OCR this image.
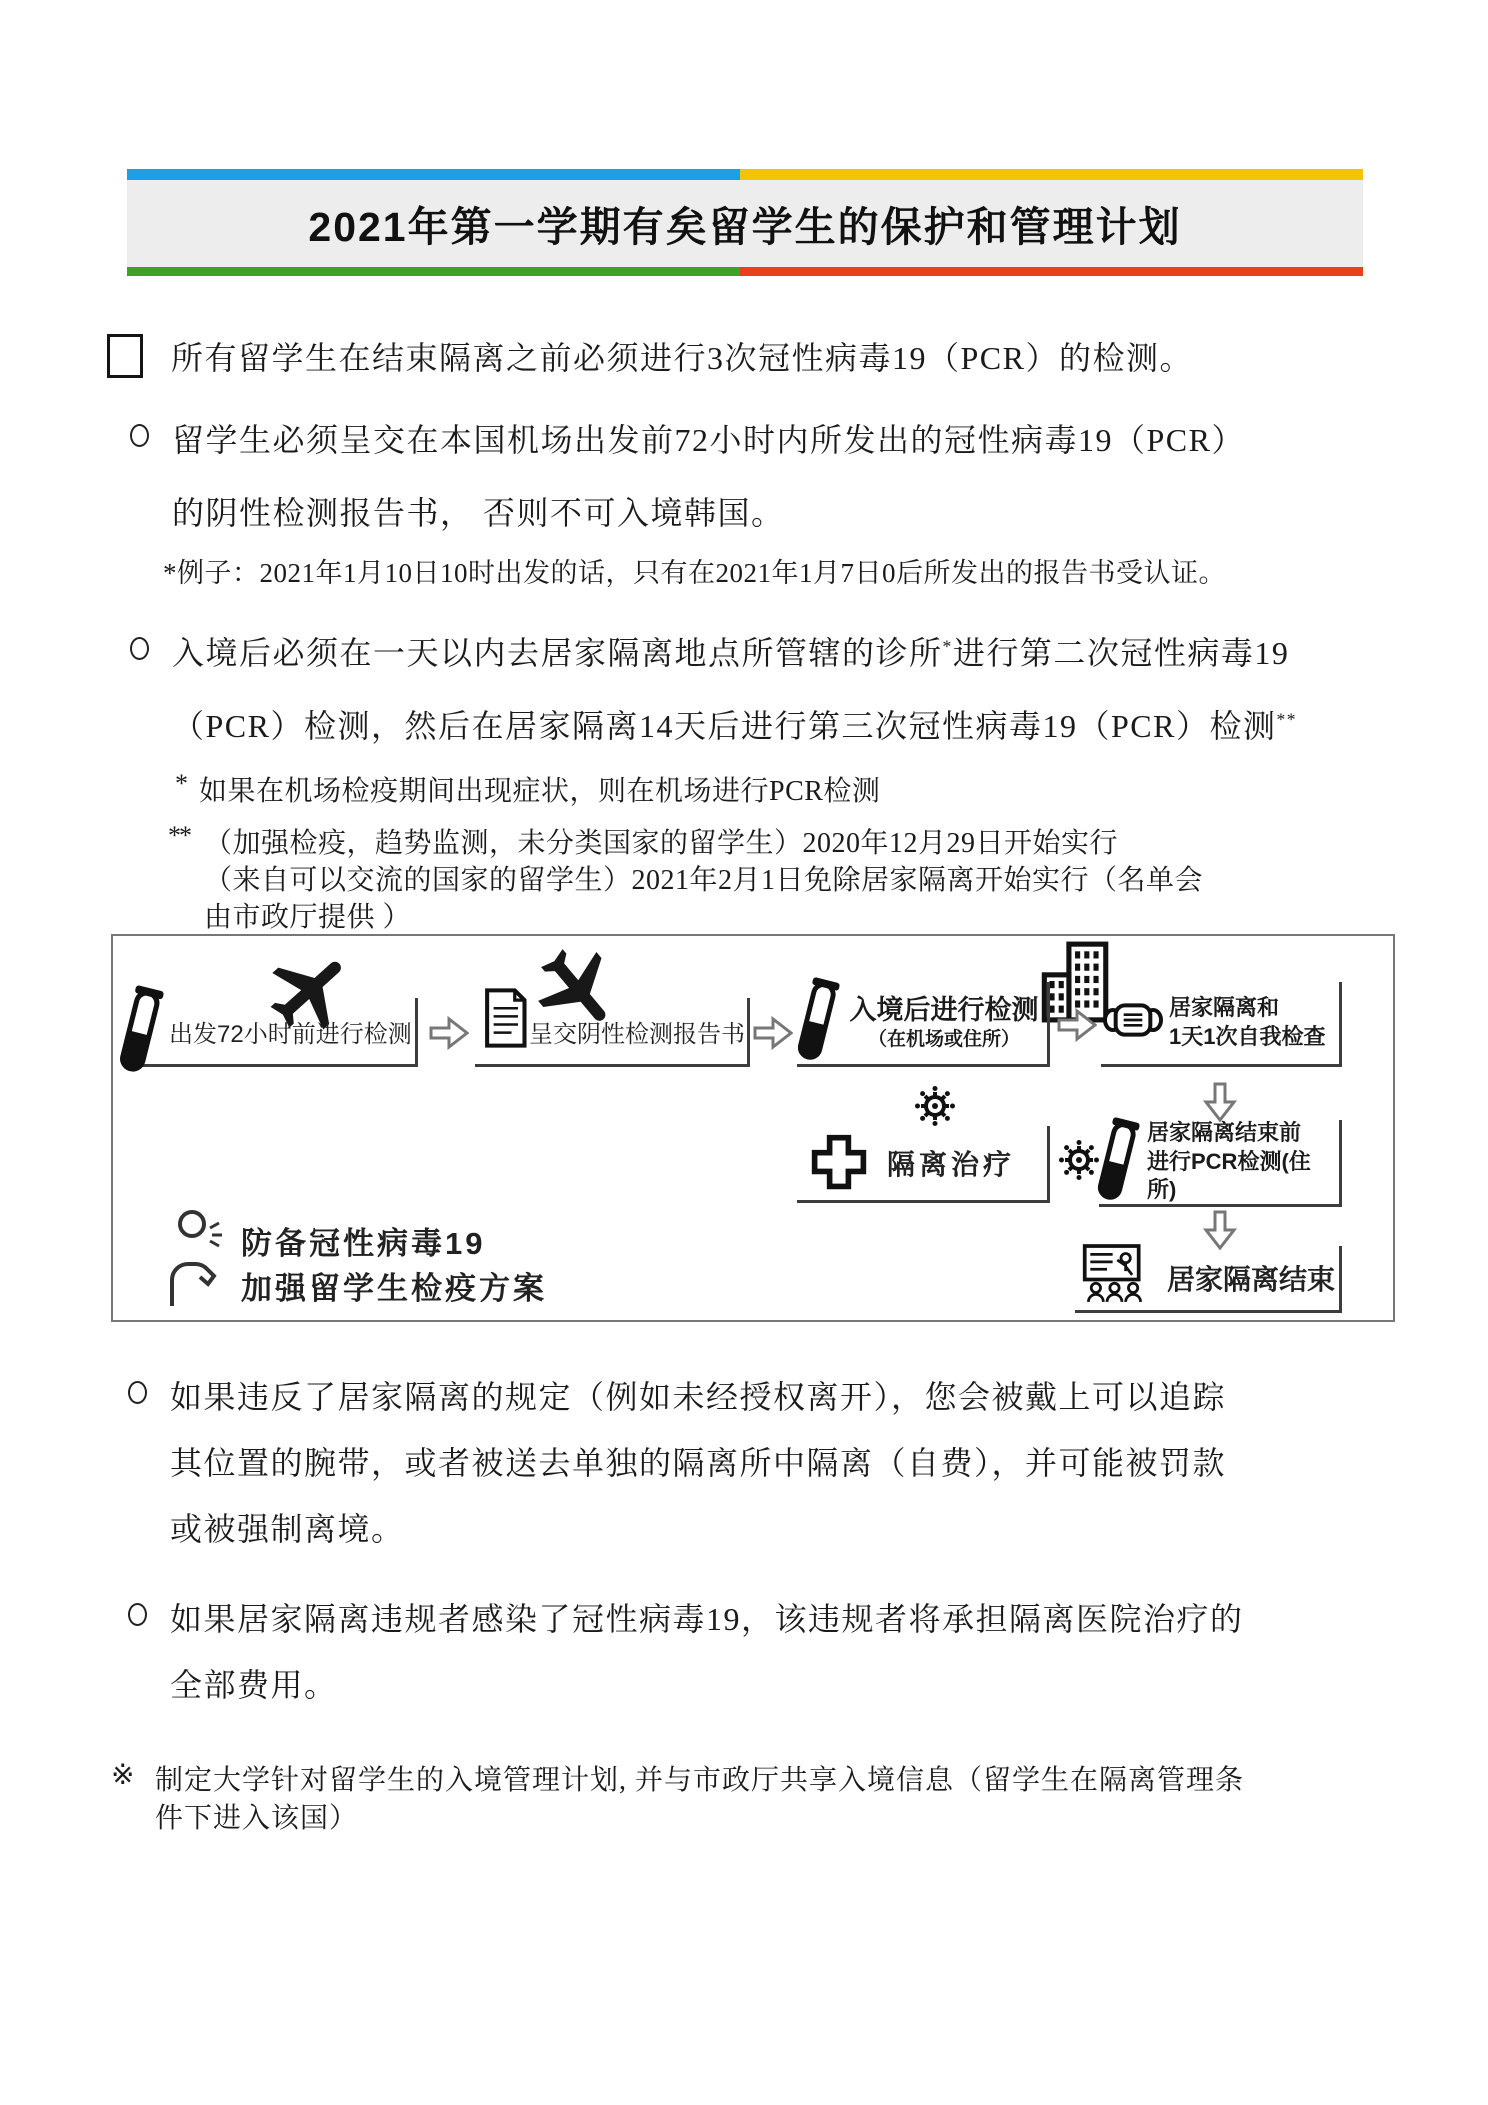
2021年第一学期有矣留学生的保护和管理计划
所有留学生在结束隔离之前必须进行3次冠性病毒19（PCR）的检测。
留学生必须呈交在本国机场出发前72小时内所发出的冠性病毒19（PCR）
的阴性检测报告书， 否则不可入境韩国。
*例子：2021年1月10日10时出发的话，只有在2021年1月7日0后所发出的报告书受认证。
入境后必须在一天以内去居家隔离地点所管辖的诊所*进行第二次冠性病毒19
（PCR）检测，然后在居家隔离14天后进行第三次冠性病毒19（PCR）检测**
* 如果在机场检疫期间出现症状，则在机场进行PCR检测
** （加强检疫，趋势监测，未分类国家的留学生）2020年12月29日开始实行
（来自可以交流的国家的留学生）2021年2月1日免除居家隔离开始实行（名单会
由市政厅提供 ）
出发72小时前进行检测	呈交阴性检测报告书
入境后进行检测
（在机场或住所）
居家隔离和
1天1次自我检查
隔离治疗
居家隔离结束前
进行PCR检测(住所)
居家隔离结束
防备冠性病毒19
加强留学生检疫方案
如果违反了居家隔离的规定（例如未经授权离开），您会被戴上可以追踪
其位置的腕带，或者被送去单独的隔离所中隔离（自费），并可能被罚款
或被强制离境。
如果居家隔离违规者感染了冠性病毒19，该违规者将承担隔离医院治疗的
全部费用。
※ 制定大学针对留学生的入境管理计划, 并与市政厅共享入境信息（留学生在隔离管理条
件下进入该国）
